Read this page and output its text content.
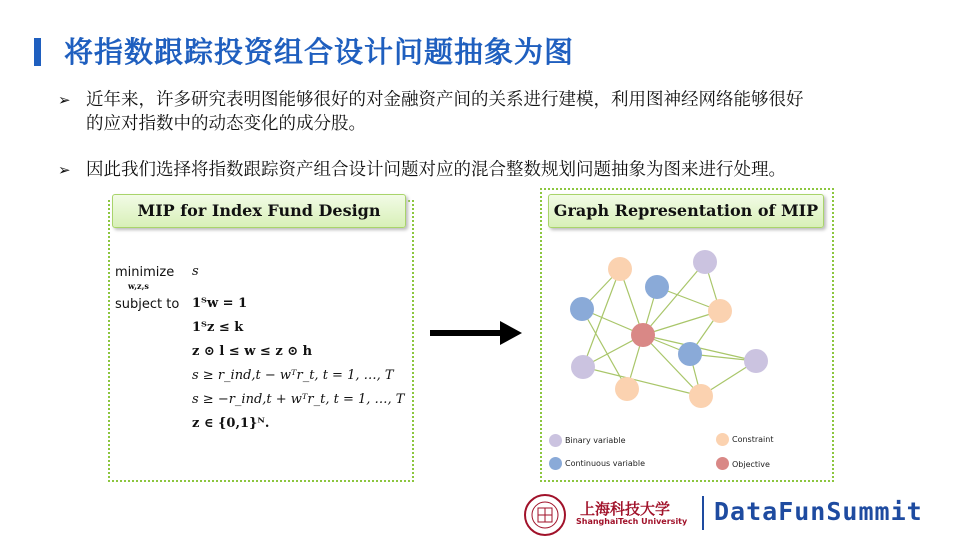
将指数跟踪投资组合设计问题抽象为图
➢ 近年来，许多研究表明图能够很好的对金融资产间的关系进行建模，利用图神经网络能够很好
的应对指数中的动态变化的成分股。
➢ 因此我们选择将指数跟踪资产组合设计问题对应的混合整数规划问题抽象为图来进行处理。
MIP for Index Fund Design
minimize
w,z,s
s
subject to 1ᵀw = 1
1ᵀz ≤ k
z ⊙ l ≤ w ≤ z ⊙ h
s ≥ r_ind,t − wᵀr_t, t = 1, …, T
s ≥ −r_ind,t + wᵀr_t, t = 1, …, T
z ∈ {0,1}ᴺ.
Graph Representation of MIP
Binary variable	Constraint
Continuous variable	Objective
上海科技大学
ShanghaiTech University DataFunSummit
